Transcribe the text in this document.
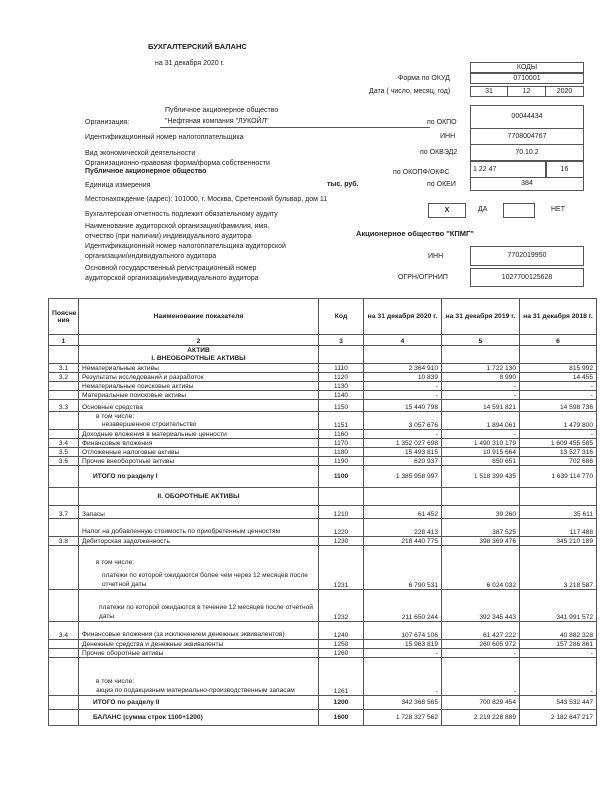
БУХГАЛТЕРСКИЙ БАЛАНС
на 31 декабря 2020 г.
КОДЫ
Форма по ОКУД	0710001
Дата ( число, месяц, год)	31	12	2020
Публичное акционерное общество
Организация:	"Нефтяная компания "ЛУКОЙЛ"	по ОКПО
00044434
Идентификационный номер налогоплательщика	ИНН	7708004767
Вид экономической деятельности	по ОКВЭД2	70.10.2
Организационно-правовая форма/форма собственности
Публичное акционерное общество	по ОКОПФ/ОКФС	1 22 47	16
Единица измерения	тыс. руб.	по ОКЕИ	384
Местонахождение (адрес): 101000, г. Москва, Сретенский бульвар, дом 11
Бухгалтерская отчетность подлежит обязательному аудиту
X	ДА	НЕТ
Наименование аудиторской организации/фамилия, имя,
отчество (при наличии) индивидуального аудитора	Акционерное общество "КПМГ"
Идентификационный номер налогоплательщика аудиторской
организации/индивидуального аудитора	ИНН	7702019950
Основной государственный регистрационный номер
аудиторской организации/индивидуального аудитора	ОГРН/ОГРНИП	1027700125628
Поясне ния	Наименование показателя	Код	на 31 декабря 2020 г.	на 31 декабря 2019 г.	на 31 декабря 2018 г.
1	2	3	4	5	6

	АКТИВ
I. ВНЕОБОРОТНЫЕ АКТИВЫ				

3.1	Нематериальные активы	1110	2 364 910	1 722 130	815 992
3.2	Результаты исследований и разработок	1120	10 839	8 990	14 455
	Нематериальные поисковые активы	1130	-	-	-
	Материальные поисковые активы	1140	-	-	-
3.3	Основные средства	1150	15 440 798	14 591 821	14 598 736

	в том числе:
незавершенное строительство	1151	3 057 676	1 894 061	1 479 800
	Доходные вложения в материальные ценности	1160	-	-	-
3.4	Финансовые вложения	1170	1 352 027 698	1 490 310 179	1 609 455 585
3.5	Отложенные налоговые активы	1180	15 493 815	10 915 664	13 527 316
3.6	Прочие внеоборотные активы	1190	620 937	850 651	702 686
	ИТОГО по разделу I	1100	1 385 958 997	1 518 399 435	1 639 114 770
	II. ОБОРОТНЫЕ АКТИВЫ				
3.7	Запасы	1210	61 452	39 260	35 611
	Налог на добавленную стоимость по приобретенным ценностям	1220	228 413	387 525	117 488
3.8	Дебиторская задолженность	1230	218 440 775	398 369 476	345 210 189

	в том числе:
платежи по которой ожидаются более чем через 12 месяцев после отчетной даты	1231	6 790 531	6 024 032	3 218 587
	платежи по которой ожидаются в течение 12 месяцев после отчетной даты	1232	211 650 244	392 345 443	341 991 572
3.4	Финансовые вложения (за исключением денежных эквивалентов)	1240	107 674 106	61 427 222	40 882 328
	Денежные средства и денежные эквиваленты	1250	15 963 819	260 605 972	157 286 861
	Прочие оборотные активы	1260	-	-	-

	в том числе:
акциз по подакцизным материально-производственным запасам	1261	-	-	-
	ИТОГО по разделу II	1200	342 368 565	700 829 454	543 532 447
	БАЛАНС (сумма строк 1100+1200)	1600	1 728 327 562	2 219 228 889	2 182 647 217
